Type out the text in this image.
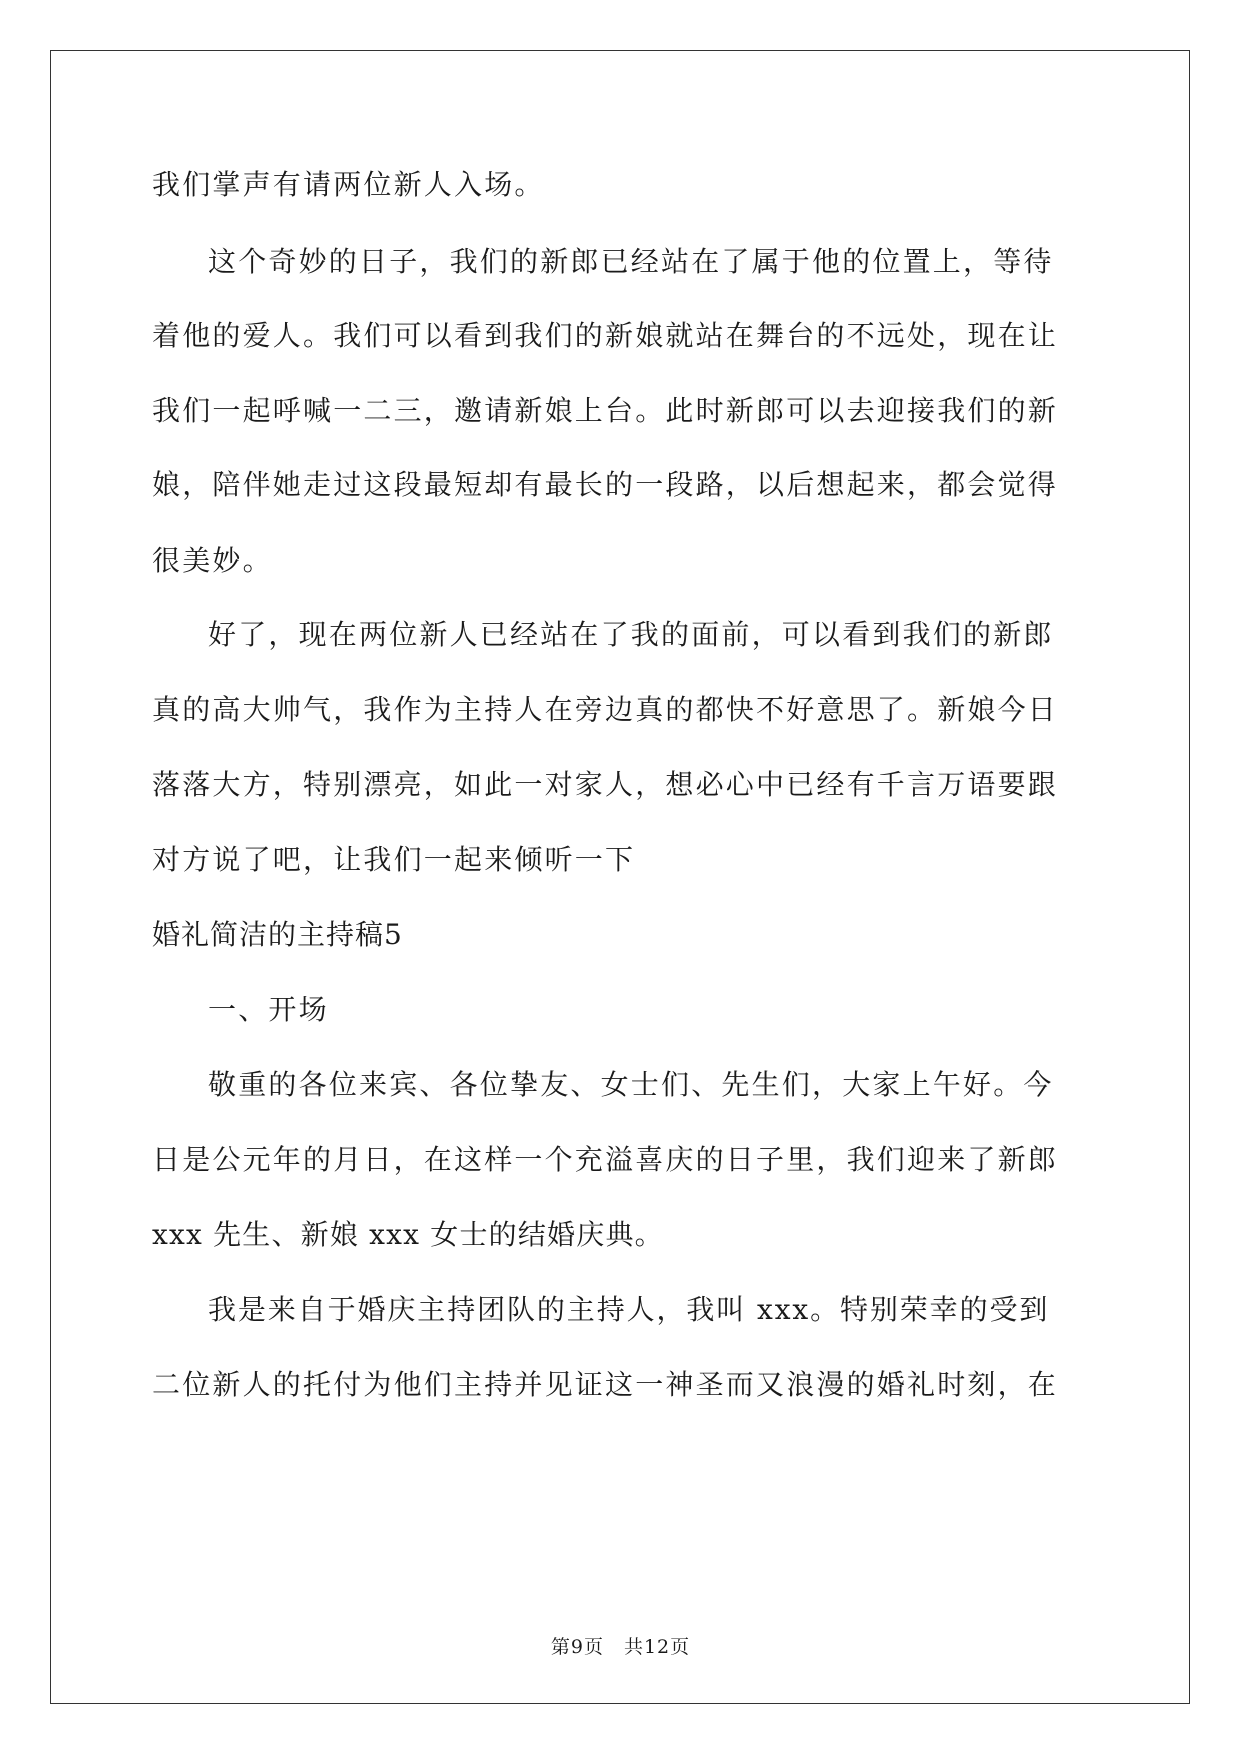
我们掌声有请两位新人入场。
这个奇妙的日子，我们的新郎已经站在了属于他的位置上，等待
着他的爱人。我们可以看到我们的新娘就站在舞台的不远处，现在让
我们一起呼喊一二三，邀请新娘上台。此时新郎可以去迎接我们的新
娘，陪伴她走过这段最短却有最长的一段路，以后想起来，都会觉得
很美妙。
好了，现在两位新人已经站在了我的面前，可以看到我们的新郎
真的高大帅气，我作为主持人在旁边真的都快不好意思了。新娘今日
落落大方，特别漂亮，如此一对家人，想必心中已经有千言万语要跟
对方说了吧，让我们一起来倾听一下
婚礼简洁的主持稿5
一、开场
敬重的各位来宾、各位挚友、女士们、先生们，大家上午好。今
日是公元年的月日，在这样一个充溢喜庆的日子里，我们迎来了新郎
xxx 先生、新娘 xxx 女士的结婚庆典。
我是来自于婚庆主持团队的主持人，我叫 xxx。特别荣幸的受到
二位新人的托付为他们主持并见证这一神圣而又浪漫的婚礼时刻，在
第9页　共12页
